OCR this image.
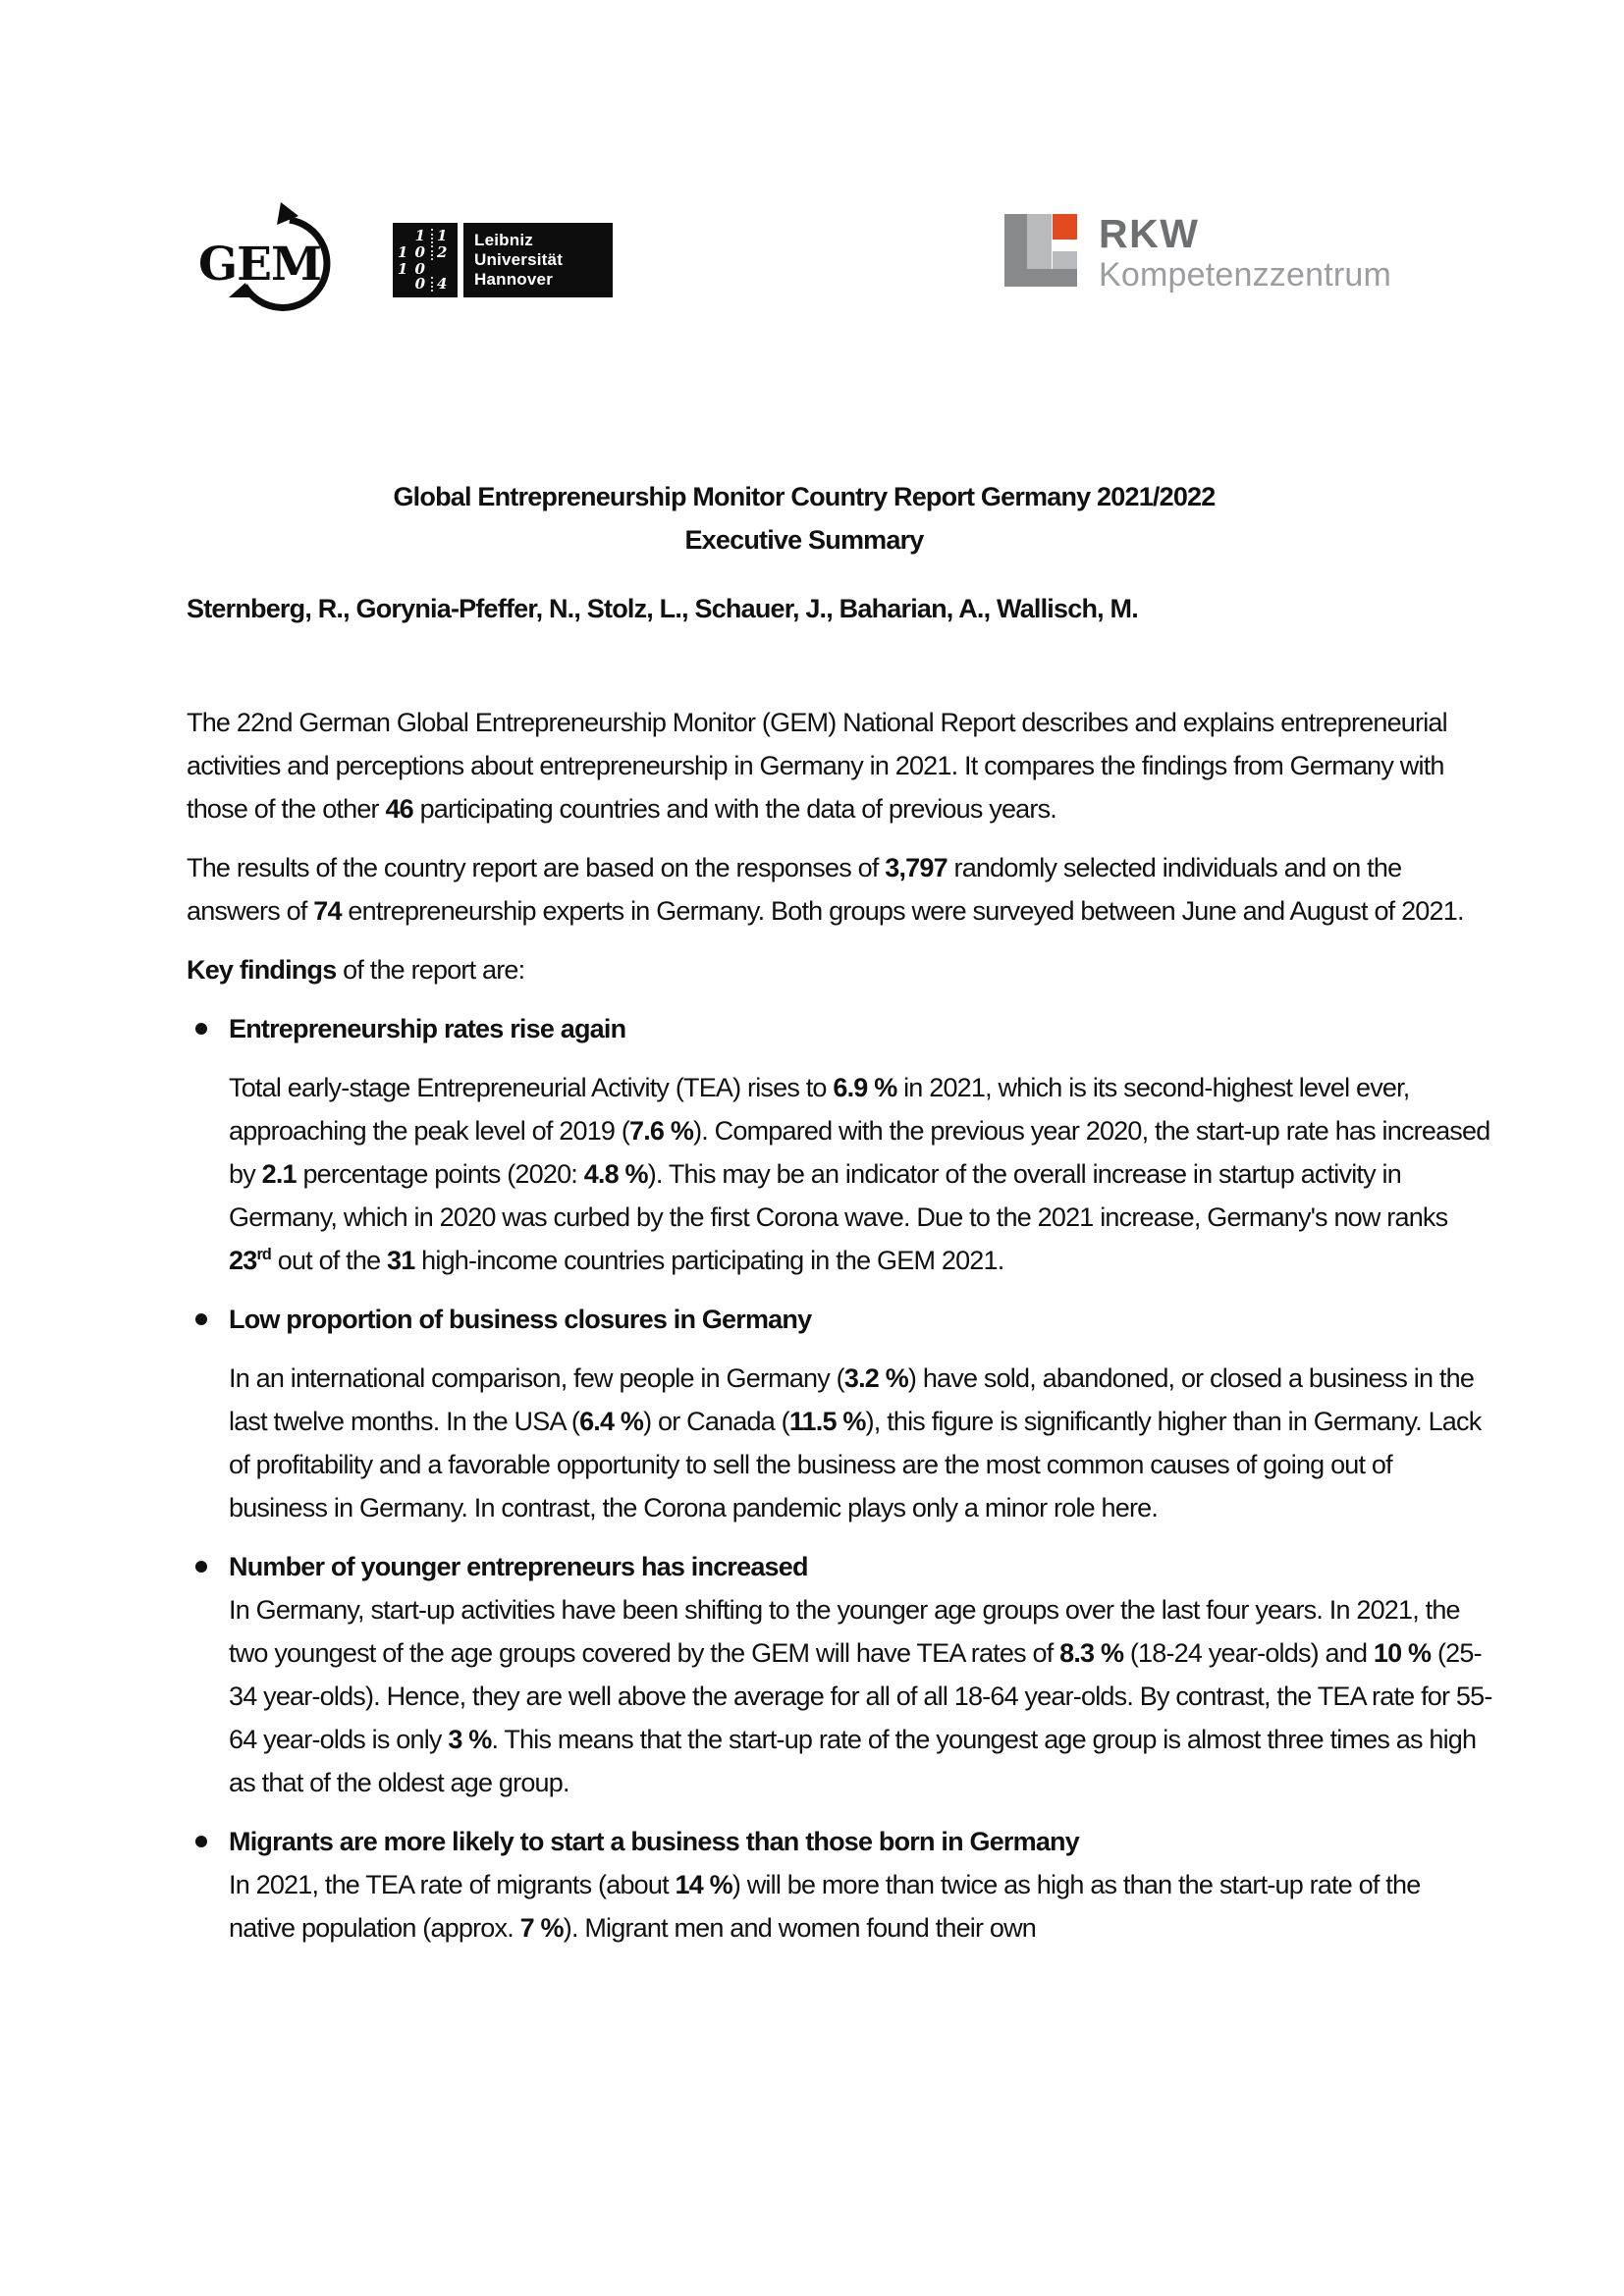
GEM
1 1
1 0 2
1 0 0 4
Leibniz
Universität
Hannover
RKW
Kompetenzzentrum
Global Entrepreneurship Monitor Country Report Germany 2021/2022
Executive Summary
Sternberg, R., Gorynia-Pfeffer, N., Stolz, L., Schauer, J., Baharian, A., Wallisch, M.

The 22nd German Global Entrepreneurship Monitor (GEM) National Report describes and explains entrepreneurial activities and perceptions about entrepreneurship in Germany in 2021. It compares the findings from Germany with those of the other 46 participating countries and with the data of previous years.

The results of the country report are based on the responses of 3,797 randomly selected individuals and on the answers of 74 entrepreneurship experts in Germany. Both groups were surveyed between June and August of 2021.

Key findings of the report are:

Entrepreneurship rates rise again
Total early-stage Entrepreneurial Activity (TEA) rises to 6.9 % in 2021, which is its second-highest level ever, approaching the peak level of 2019 (7.6 %). Compared with the previous year 2020, the start-up rate has increased by 2.1 percentage points (2020: 4.8 %). This may be an indicator of the overall increase in startup activity in Germany, which in 2020 was curbed by the first Corona wave. Due to the 2021 increase, Germany's now ranks 23rd out of the 31 high-income countries participating in the GEM 2021.
Low proportion of business closures in Germany
In an international comparison, few people in Germany (3.2 %) have sold, abandoned, or closed a business in the last twelve months. In the USA (6.4 %) or Canada (11.5 %), this figure is significantly higher than in Germany. Lack of profitability and a favorable opportunity to sell the business are the most common causes of going out of business in Germany. In contrast, the Corona pandemic plays only a minor role here.
Number of younger entrepreneurs has increased
In Germany, start-up activities have been shifting to the younger age groups over the last four years. In 2021, the two youngest of the age groups covered by the GEM will have TEA rates of 8.3 % (18-24 year-olds) and 10 % (25-34 year-olds). Hence, they are well above the average for all of all 18-64 year-olds. By contrast, the TEA rate for 55-64 year-olds is only 3 %. This means that the start-up rate of the youngest age group is almost three times as high as that of the oldest age group.
Migrants are more likely to start a business than those born in Germany
In 2021, the TEA rate of migrants (about 14 %) will be more than twice as high as than the start-up rate of the native population (approx. 7 %). Migrant men and women found their own
